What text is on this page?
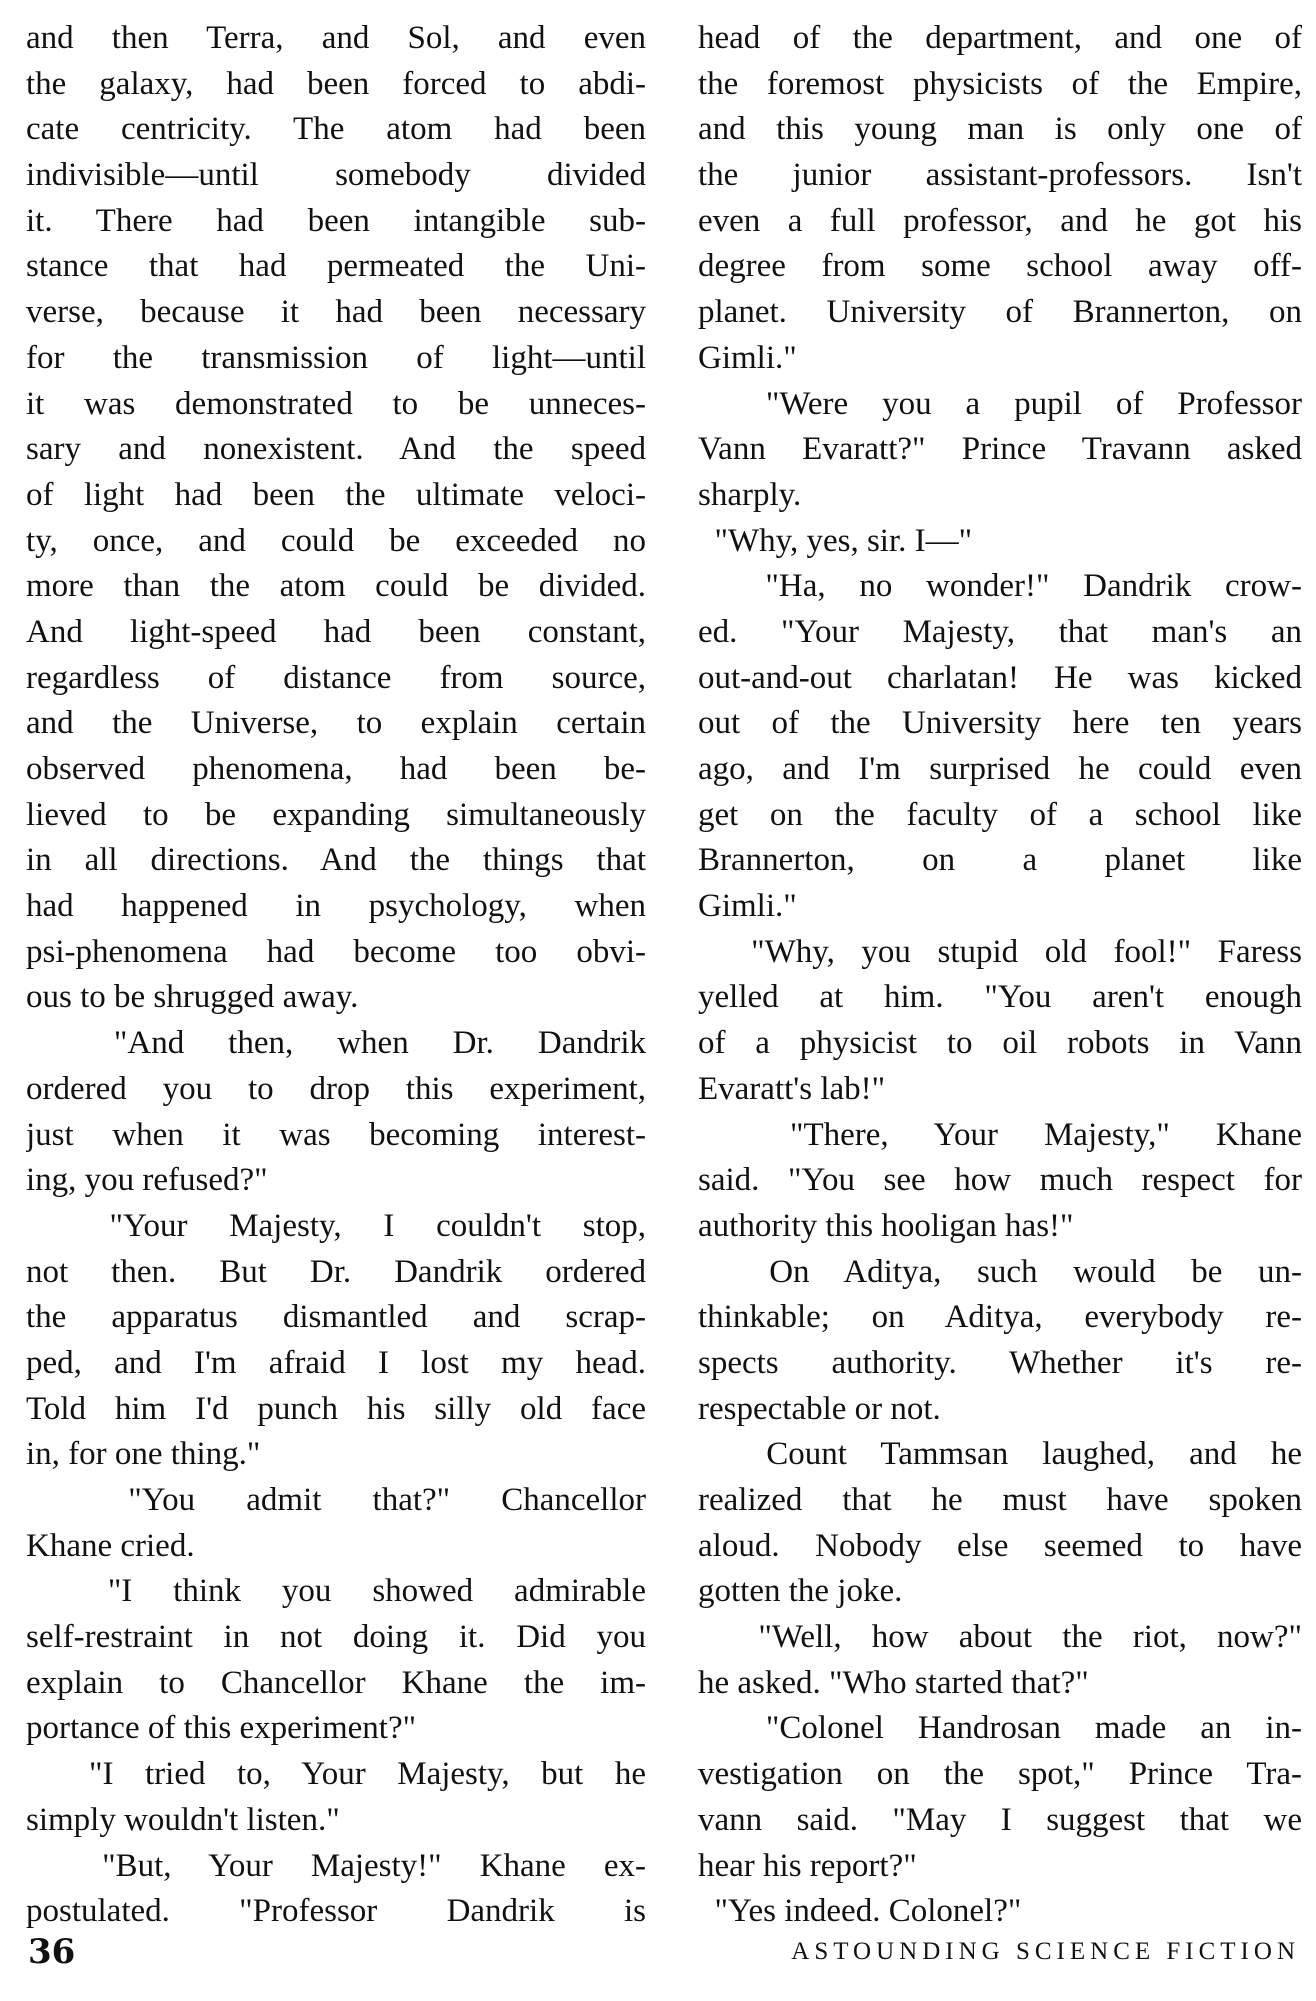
and then Terra, and Sol, and even
the galaxy, had been forced to abdi-
cate centricity. The atom had been
indivisible—until somebody divided
it. There had been intangible sub-
stance that had permeated the Uni-
verse, because it had been necessary
for the transmission of light—until
it was demonstrated to be unneces-
sary and nonexistent. And the speed
of light had been the ultimate veloci-
ty, once, and could be exceeded no
more than the atom could be divided.
And light-speed had been constant,
regardless of distance from source,
and the Universe, to explain certain
observed phenomena, had been be-
lieved to be expanding simultaneously
in all directions. And the things that
had happened in psychology, when
psi-phenomena had become too obvi-
ous to be shrugged away.
"And then, when Dr. Dandrik
ordered you to drop this experiment,
just when it was becoming interest-
ing, you refused?"
"Your Majesty, I couldn't stop,
not then. But Dr. Dandrik ordered
the apparatus dismantled and scrap-
ped, and I'm afraid I lost my head.
Told him I'd punch his silly old face
in, for one thing."
"You admit that?" Chancellor
Khane cried.
"I think you showed admirable
self-restraint in not doing it. Did you
explain to Chancellor Khane the im-
portance of this experiment?"
"I tried to, Your Majesty, but he
simply wouldn't listen."
"But, Your Majesty!" Khane ex-
postulated. "Professor Dandrik is
head of the department, and one of
the foremost physicists of the Empire,
and this young man is only one of
the junior assistant-professors. Isn't
even a full professor, and he got his
degree from some school away off-
planet. University of Brannerton, on
Gimli."
"Were you a pupil of Professor
Vann Evaratt?" Prince Travann asked
sharply.
"Why, yes, sir. I—"
"Ha, no wonder!" Dandrik crow-
ed. "Your Majesty, that man's an
out-and-out charlatan! He was kicked
out of the University here ten years
ago, and I'm surprised he could even
get on the faculty of a school like
Brannerton, on a planet like
Gimli."
"Why, you stupid old fool!" Faress
yelled at him. "You aren't enough
of a physicist to oil robots in Vann
Evaratt's lab!"
"There, Your Majesty," Khane
said. "You see how much respect for
authority this hooligan has!"
On Aditya, such would be un-
thinkable; on Aditya, everybody re-
spects authority. Whether it's re-
respectable or not.
Count Tammsan laughed, and he
realized that he must have spoken
aloud. Nobody else seemed to have
gotten the joke.
"Well, how about the riot, now?"
he asked. "Who started that?"
"Colonel Handrosan made an in-
vestigation on the spot," Prince Tra-
vann said. "May I suggest that we
hear his report?"
"Yes indeed. Colonel?"
36	ASTOUNDING SCIENCE FICTION
